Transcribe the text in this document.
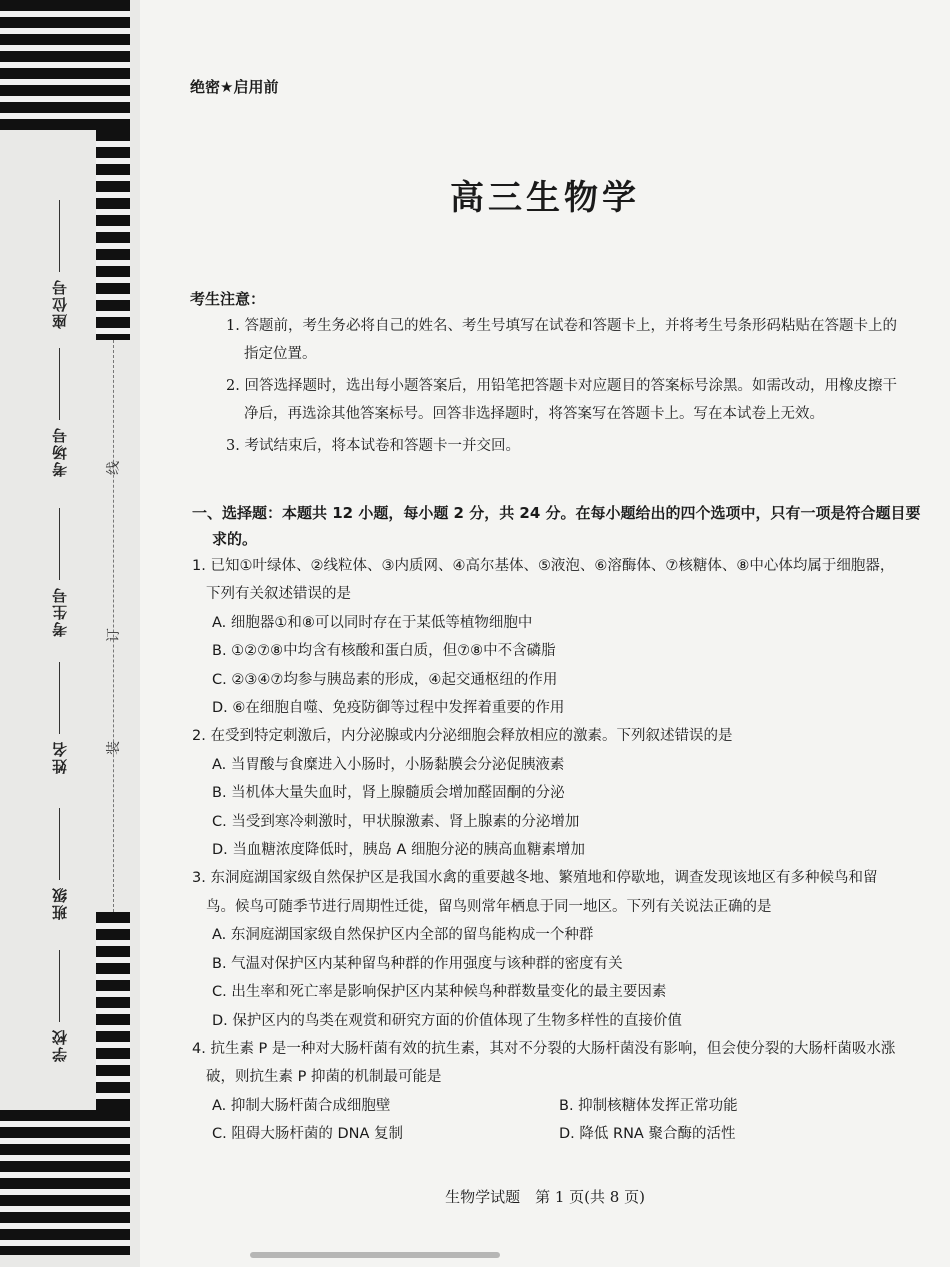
座位号
考场号
考生号
姓名
班级
学校
线
订
装
绝密★启用前
高三生物学
考生注意：
1. 答题前，考生务必将自己的姓名、考生号填写在试卷和答题卡上，并将考生号条形码粘贴在答题卡上的指定位置。
2. 回答选择题时，选出每小题答案后，用铅笔把答题卡对应题目的答案标号涂黑。如需改动，用橡皮擦干净后，再选涂其他答案标号。回答非选择题时，将答案写在答题卡上。写在本试卷上无效。
3. 考试结束后，将本试卷和答题卡一并交回。
一、选择题：本题共 12 小题，每小题 2 分，共 24 分。在每小题给出的四个选项中，只有一项是符合题目要求的。
1. 已知①叶绿体、②线粒体、③内质网、④高尔基体、⑤液泡、⑥溶酶体、⑦核糖体、⑧中心体均属于细胞器，下列有关叙述错误的是
A. 细胞器①和⑧可以同时存在于某低等植物细胞中
B. ①②⑦⑧中均含有核酸和蛋白质，但⑦⑧中不含磷脂
C. ②③④⑦均参与胰岛素的形成，④起交通枢纽的作用
D. ⑥在细胞自噬、免疫防御等过程中发挥着重要的作用
2. 在受到特定刺激后，内分泌腺或内分泌细胞会释放相应的激素。下列叙述错误的是
A. 当胃酸与食糜进入小肠时，小肠黏膜会分泌促胰液素
B. 当机体大量失血时，肾上腺髓质会增加醛固酮的分泌
C. 当受到寒冷刺激时，甲状腺激素、肾上腺素的分泌增加
D. 当血糖浓度降低时，胰岛 A 细胞分泌的胰高血糖素增加
3. 东洞庭湖国家级自然保护区是我国水禽的重要越冬地、繁殖地和停歇地，调查发现该地区有多种候鸟和留鸟。候鸟可随季节进行周期性迁徙，留鸟则常年栖息于同一地区。下列有关说法正确的是
A. 东洞庭湖国家级自然保护区内全部的留鸟能构成一个种群
B. 气温对保护区内某种留鸟种群的作用强度与该种群的密度有关
C. 出生率和死亡率是影响保护区内某种候鸟种群数量变化的最主要因素
D. 保护区内的鸟类在观赏和研究方面的价值体现了生物多样性的直接价值
4. 抗生素 P 是一种对大肠杆菌有效的抗生素，其对不分裂的大肠杆菌没有影响，但会使分裂的大肠杆菌吸水涨破，则抗生素 P 抑菌的机制最可能是
A. 抑制大肠杆菌合成细胞壁	B. 抑制核糖体发挥正常功能
C. 阻碍大肠杆菌的 DNA 复制	D. 降低 RNA 聚合酶的活性
生物学试题　第 1 页(共 8 页)
